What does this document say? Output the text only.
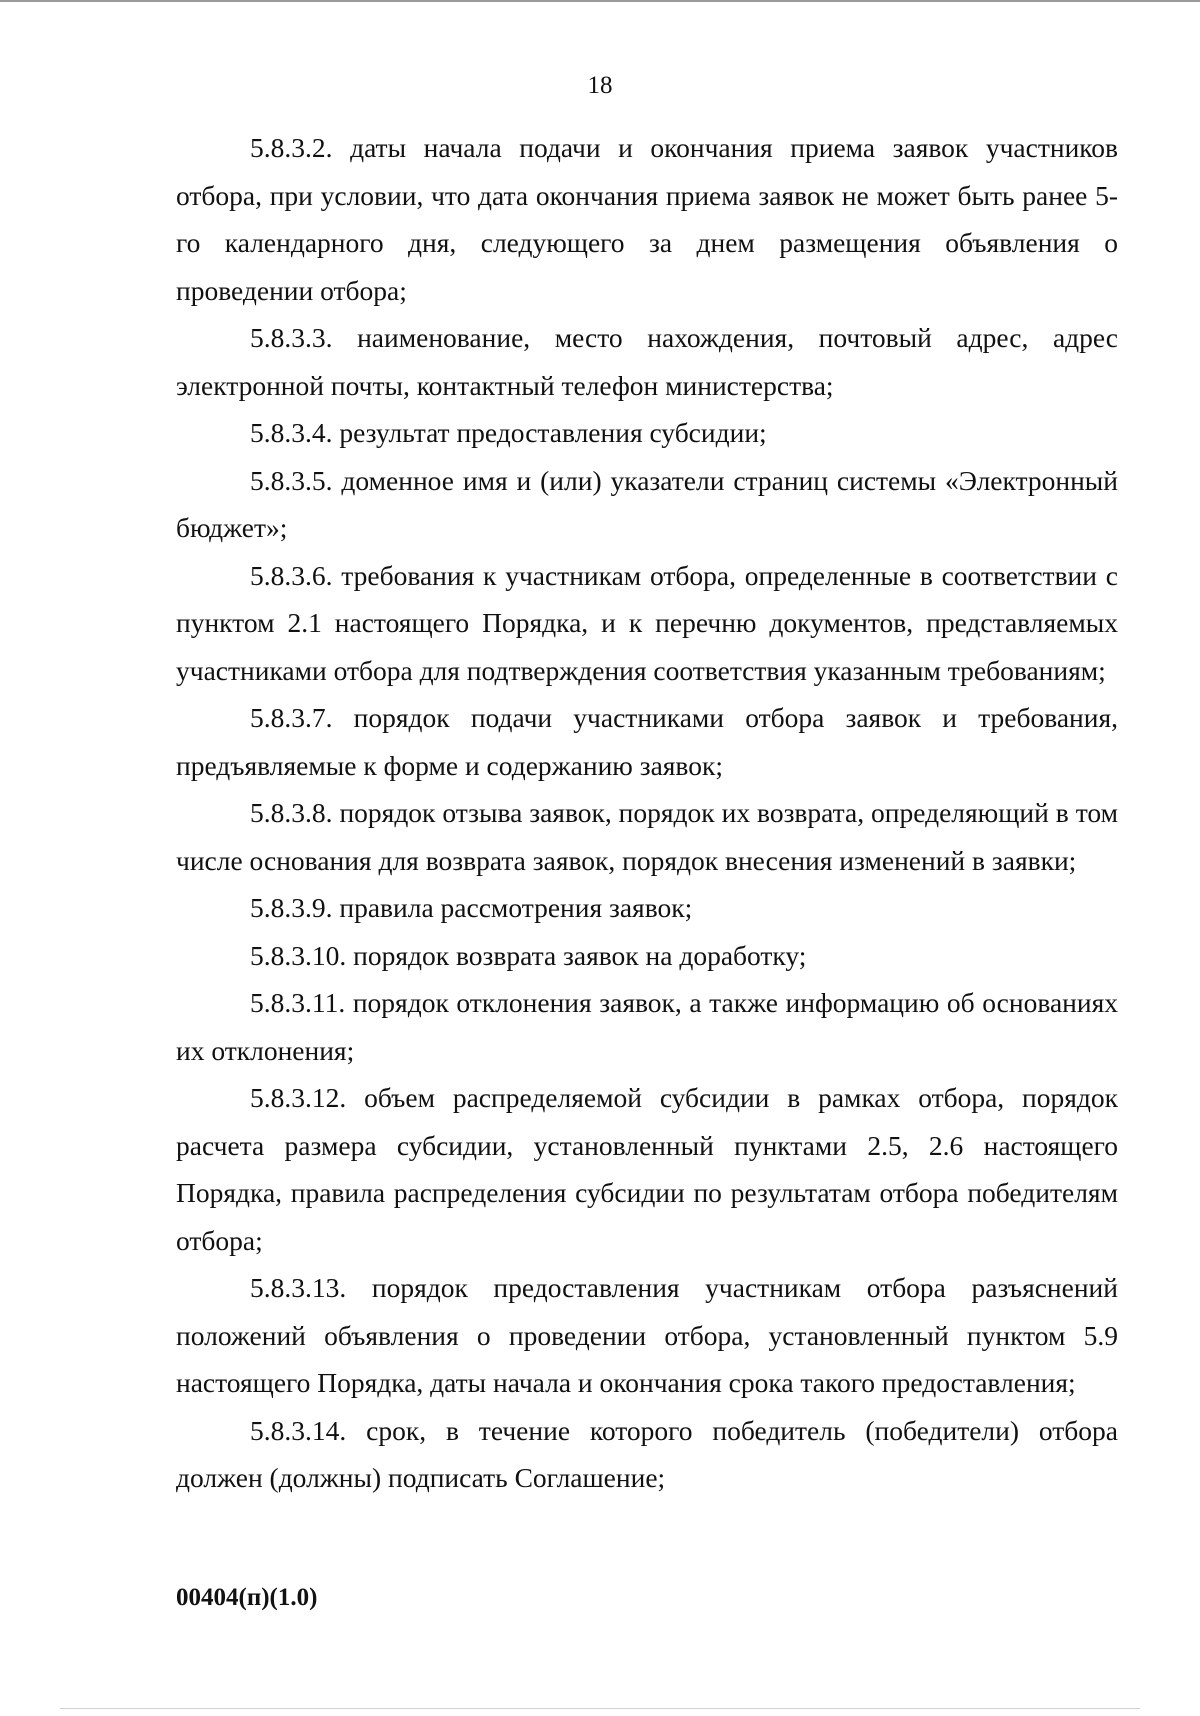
18

5.8.3.2. даты начала подачи и окончания приема заявок участников отбора, при условии, что дата окончания приема заявок не может быть ранее 5-го календарного дня, следующего за днем размещения объявления о проведении отбора;

5.8.3.3. наименование, место нахождения, почтовый адрес, адрес электронной почты, контактный телефон министерства;

5.8.3.4. результат предоставления субсидии;

5.8.3.5. доменное имя и (или) указатели страниц системы «Электронный бюджет»;

5.8.3.6. требования к участникам отбора, определенные в соответствии с пунктом 2.1 настоящего Порядка, и к перечню документов, представляемых участниками отбора для подтверждения соответствия указанным требованиям;

5.8.3.7. порядок подачи участниками отбора заявок и требования, предъявляемые к форме и содержанию заявок;

5.8.3.8. порядок отзыва заявок, порядок их возврата, определяющий в том числе основания для возврата заявок, порядок внесения изменений в заявки;

5.8.3.9. правила рассмотрения заявок;

5.8.3.10. порядок возврата заявок на доработку;

5.8.3.11. порядок отклонения заявок, а также информацию об основаниях их отклонения;

5.8.3.12. объем распределяемой субсидии в рамках отбора, порядок расчета размера субсидии, установленный пунктами 2.5, 2.6 настоящего Порядка, правила распределения субсидии по результатам отбора победителям отбора;

5.8.3.13. порядок предоставления участникам отбора разъяснений положений объявления о проведении отбора, установленный пунктом 5.9 настоящего Порядка, даты начала и окончания срока такого предоставления;

5.8.3.14. срок, в течение которого победитель (победители) отбора должен (должны) подписать Соглашение;

00404(п)(1.0)
